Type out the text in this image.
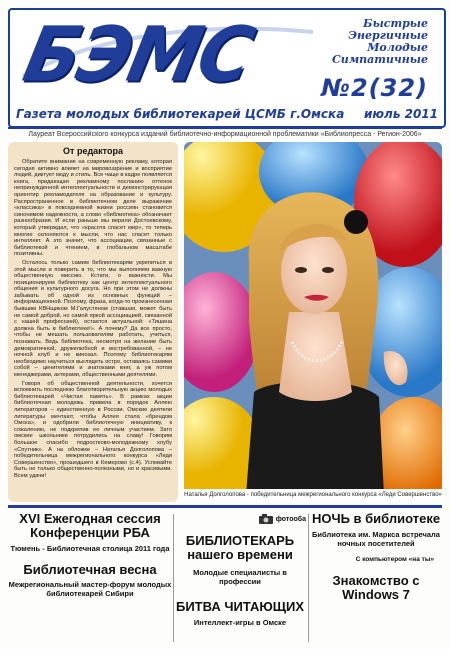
БЭМС	Быстрые
Энергичные
Молодые
Симпатичные
№2(32)
Газета молодых библиотекарей ЦСМБ г.Омска июль 2011
Лауреат Всероссийского конкурса изданий библиотечно-информационной проблематики «Библиопресса - Регион-2006»
От редактора

Обратите внимание на современную рекламу, которая сегодня активно влияет на мировоззрение и восприятие людей, диктует моду и стиль. Все чаще в кадре появляется книга, придающая рекламному посланию оттенок непринужденной интеллектуальности и демонстрирующая ориентир рекламодателя на образование и культуру. Распространенное в библиотечном деле выражение «классика» в повседневной жизни россиян становится синонимом надежности, а слово «библиотека» обозначает разнообразия. И если раньше мы верили Достоевскому, который утверждал, что «красота спасет мир», то теперь многие склоняются к мысли, что нас спасет только интеллект. А это значит, что ассоциации, связанные с библиотекой и чтением, в глобальном масштабе позитивны.

Осталось только самим библиотекарям укрепиться в этой мысли и поверить в то, что мы выполняем важную общественную миссию. Кстати, о важности. Мы позиционируем библиотеку как центр интеллектуального общения и культурного досуга. Но при этом не должны забывать об одной из основных функций – информационной. Поэтому, фраза, когда-то произнесенная бывшим КВНщиком М.Галустяном (ставшая, может быть не самой доброй, но самой яркой ассоциацией, связанной с нашей профессией), остается актуальной: «Тишина должна быть в библиотеке!». А почему? Да все просто, чтобы не мешать пользователям работать, учиться, познавать. Ведь библиотека, несмотря на желание быть демократичной, дружелюбной и востребованной, – не ночной клуб и не кинозал. Поэтому библиотекарям необходимо научиться выглядеть остро, оставаясь самими собой – ценителями и знатоками книг, а уж потом менеджерами, актерами, общественными деятелями.

Говоря об общественной деятельности, хочется вспомнить последнюю благотворительную акцию молодых библиотекарей «Чистая память». В рамках акции библиотечная молодежь привела в порядок Аллею литераторов – единственную в России. Омские деятели литературы мечтают, чтобы Аллея стала «брендом Омска», и одобрили библиотечную инициативу, к сожалению, не подкрепив ее личным участием. Зато омские школьники потрудились на славу! Говорим большое спасибо подростково-молодежному клубу «Спутник». А на обложке – Наталья Долголопова – победительница межрегионального конкурса «Леди Совершенство», прошедшего в Кемерово (с.4). Успевайте быть не только общественно-полезными, но и красивыми. Всем удачи!

Наталья Долголопова - победительница межрегионального конкурса «Леди Совершенство»
XVI Ежегодная сессия Конференции РБА
Тюмень - Библиотечная столица 2011 года
Библиотечная весна
Межрегиональный мастер-форум молодых библиотекарей Сибири
фотооба
БИБЛИОТЕКАРЬ нашего времени
Молодые специалисты в профессии
БИТВА ЧИТАЮЩИХ
Интеллект-игры в Омске
НОЧЬ в библиотеке
Библиотека им. Маркса встречала ночных посетителей
С компьютером «на ты»
Знакомство с Windows 7
